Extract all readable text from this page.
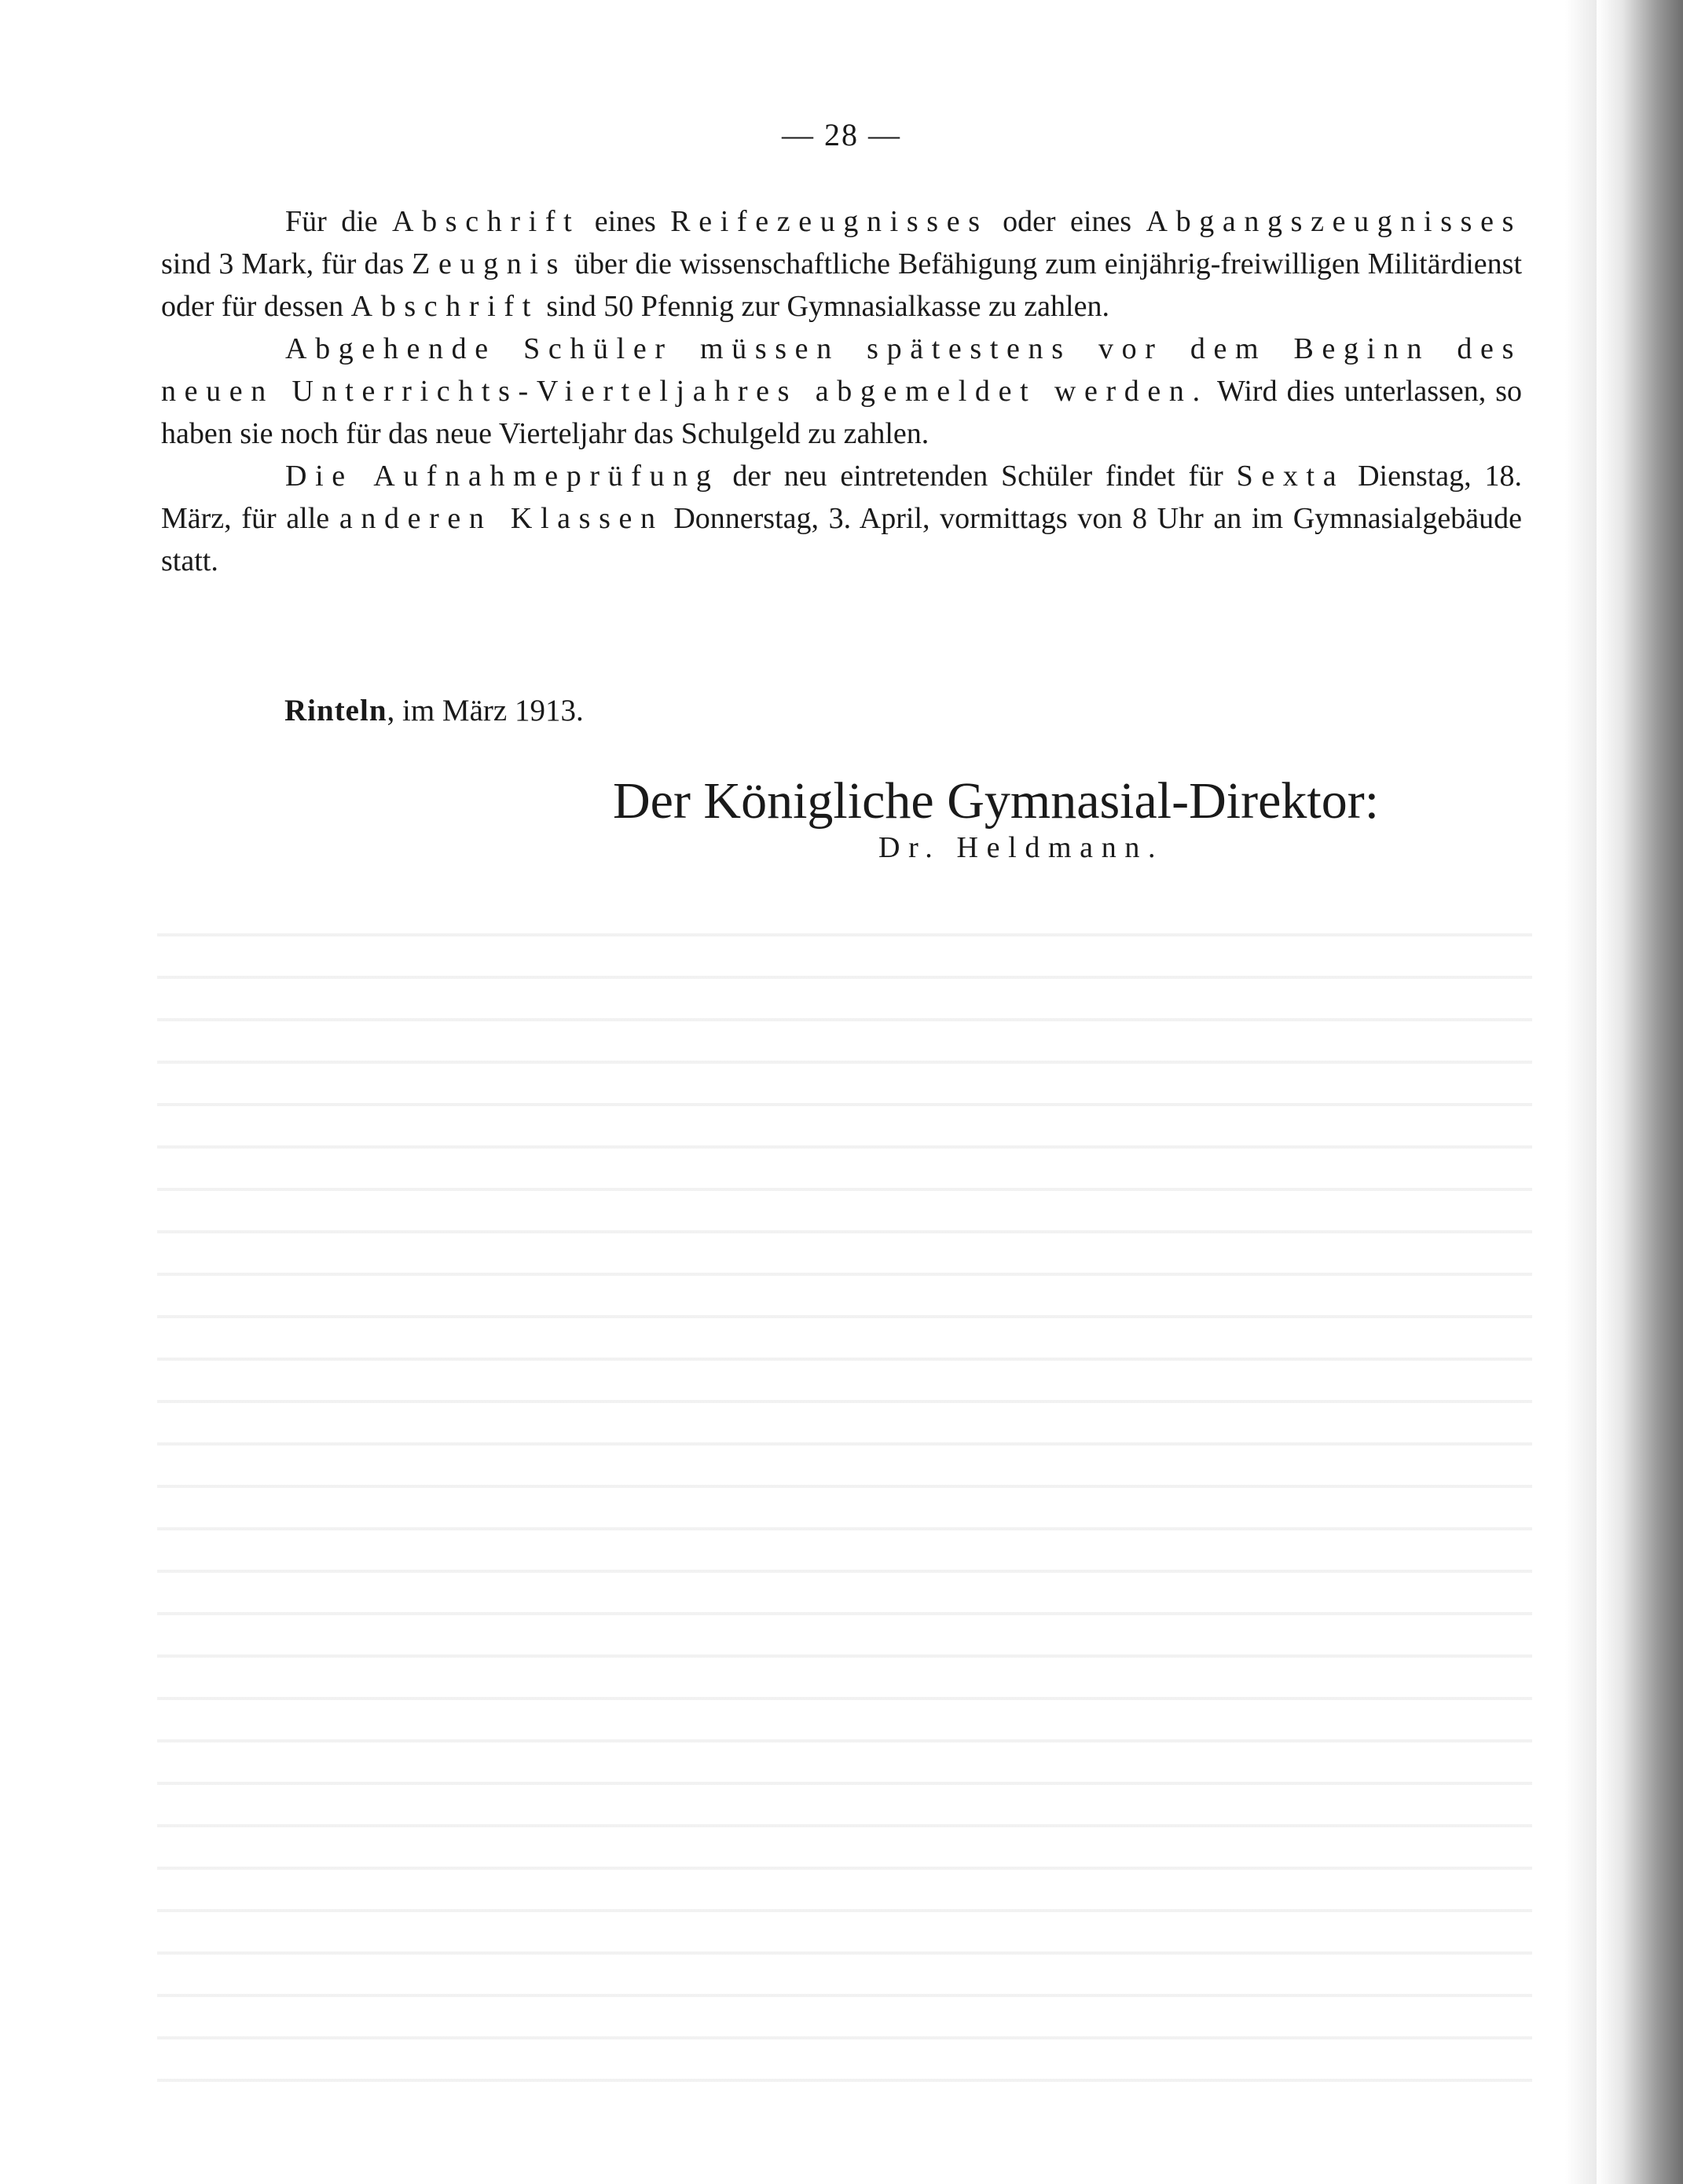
— 28 —

Für die Abschrift eines Reifezeugnisses oder eines Abgangszeugnisses sind 3 Mark, für das Zeugnis über die wissenschaftliche Befähigung zum einjährig-freiwilligen Militärdienst oder für dessen Abschrift sind 50 Pfennig zur Gymnasialkasse zu zahlen.

Abgehende Schüler müssen spätestens vor dem Beginn des neuen Unterrichts-Vierteljahres abgemeldet werden. Wird dies unterlassen, so haben sie noch für das neue Vierteljahr das Schulgeld zu zahlen.

Die Aufnahmeprüfung der neu eintretenden Schüler findet für Sexta Dienstag, 18. März, für alle anderen Klassen Donnerstag, 3. April, vormittags von 8 Uhr an im Gymnasialgebäude statt.

Rinteln, im März 1913.
Der Königliche Gymnasial-Direktor:
Dr. Heldmann.
